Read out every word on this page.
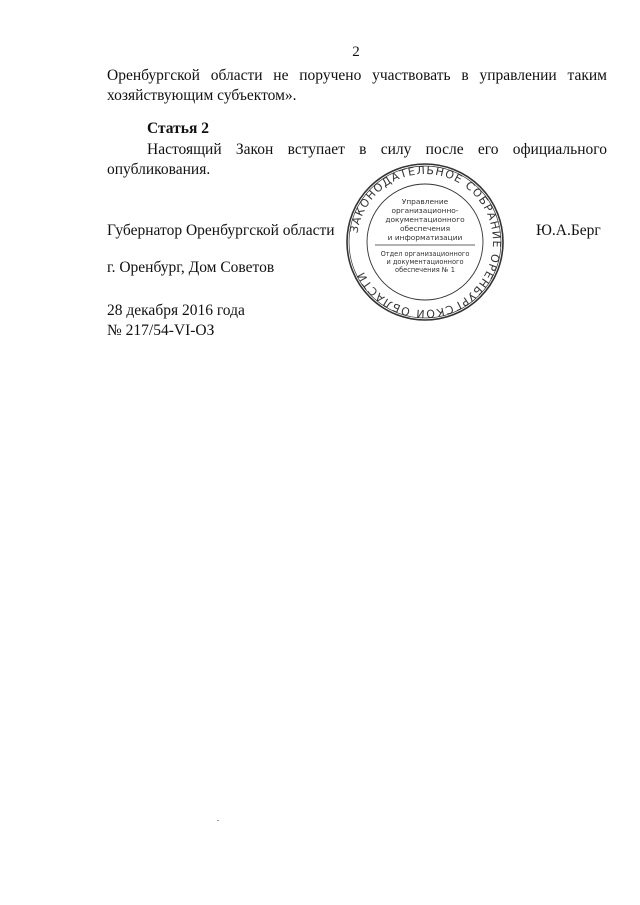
2
Оренбургской области не поручено участвовать в управлении таким
хозяйствующим субъектом».
Статья 2
Настоящий Закон вступает в силу после его официального
опубликования.
ЗАКОНОДАТЕЛЬНОЕ СОБРАНИЕ ОРЕНБУРГСКОЙ ОБЛАСТИ
Управление
организационно-
документационного
обеспечения
и информатизации
Отдел организационного
и документационного
обеспечения № 1
Губернатор Оренбургской области	Ю.А.Берг
г. Оренбург, Дом Советов
28 декабря 2016 года
№ 217/54-VI-ОЗ
